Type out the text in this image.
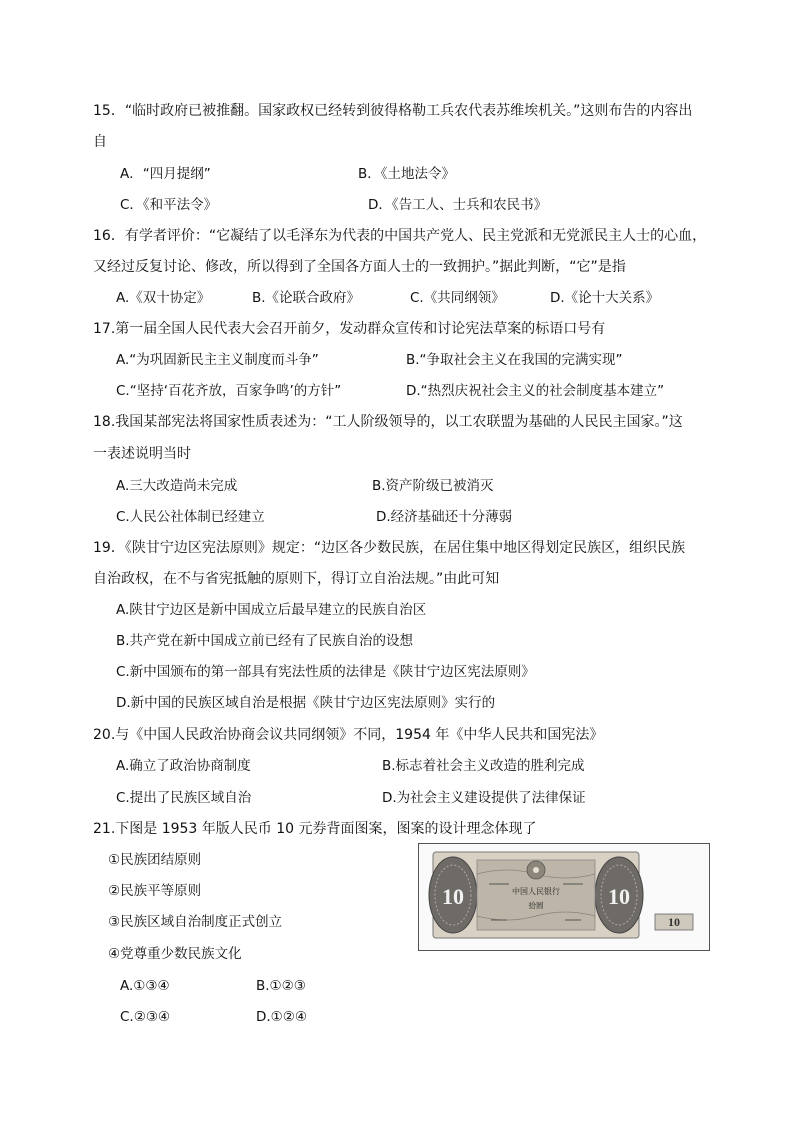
15．“临时政府已被推翻。国家政权已经转到彼得格勒工兵农代表苏维埃机关。”这则布告的内容出
自
A．“四月提纲”	B．《土地法令》
C．《和平法令》	D．《告工人、士兵和农民书》
16．有学者评价：“它凝结了以毛泽东为代表的中国共产党人、民主党派和无党派民主人士的心血，
又经过反复讨论、修改，所以得到了全国各方面人士的一致拥护。”据此判断，“它”是指
A.《双十协定》	B.《论联合政府》	C.《共同纲领》	D.《论十大关系》
17.第一届全国人民代表大会召开前夕，发动群众宣传和讨论宪法草案的标语口号有
A.“为巩固新民主主义制度而斗争”	B.“争取社会主义在我国的完满实现”
C.“坚持‘百花齐放，百家争鸣’的方针”	D.“热烈庆祝社会主义的社会制度基本建立”
18.我国某部宪法将国家性质表述为：“工人阶级领导的，以工农联盟为基础的人民民主国家。”这
一表述说明当时
A.三大改造尚未完成	B.资产阶级已被消灭
C.人民公社体制已经建立	D.经济基础还十分薄弱
19．《陕甘宁边区宪法原则》规定：“边区各少数民族，在居住集中地区得划定民族区，组织民族
自治政权，在不与省宪抵触的原则下，得订立自治法规。”由此可知
A.陕甘宁边区是新中国成立后最早建立的民族自治区
B.共产党在新中国成立前已经有了民族自治的设想
C.新中国颁布的第一部具有宪法性质的法律是《陕甘宁边区宪法原则》
D.新中国的民族区域自治是根据《陕甘宁边区宪法原则》实行的
20.与《中国人民政治协商会议共同纲领》不同，1954 年《中华人民共和国宪法》
A.确立了政治协商制度	B.标志着社会主义改造的胜利完成
C.提出了民族区域自治	D.为社会主义建设提供了法律保证
21.下图是 1953 年版人民币 10 元券背面图案，图案的设计理念体现了
①民族团结原则
②民族平等原则
③民族区域自治制度正式创立
④党尊重少数民族文化
A.①③④	B.①②③
C.②③④	D.①②④
10	10
中国人民银行
拾圆
10
